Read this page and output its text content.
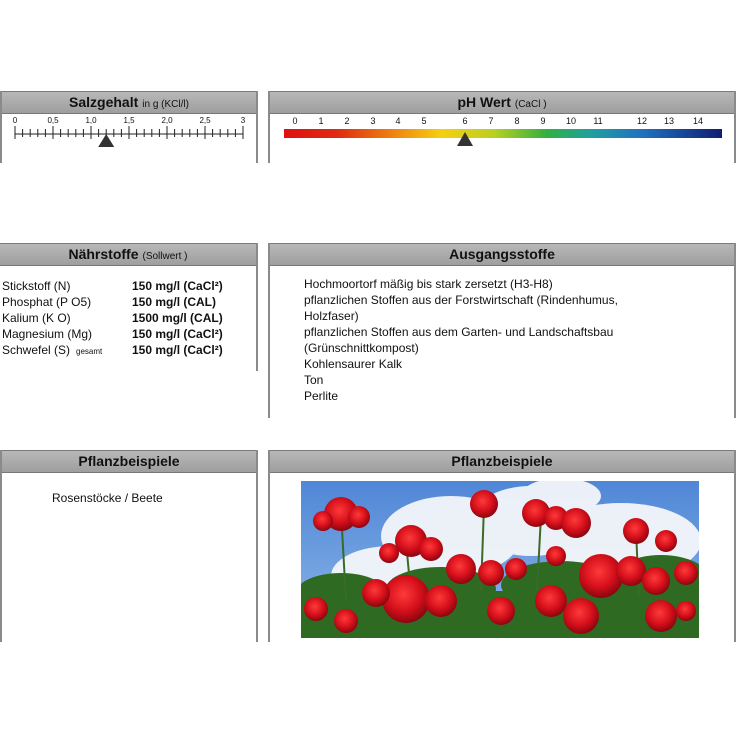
Salzgehalt in g (KCl/l)
0	0,5	1,0	1,5	2,0	2,5	3
pH Wert (CaCl )
0 1 2 3 4 5	6 7 8 9 10 11	12 13 14
Nährstoffe (Sollwert )
Stickstoff (N)	150 mg/l (CaCl²)
Phosphat (P O5)	150 mg/l (CAL)
Kalium (K O)	1500 mg/l (CAL)
Magnesium (Mg)	150 mg/l (CaCl²)
Schwefel (S) gesamt 150 mg/l (CaCl²)
Ausgangsstoffe
Hochmoortorf mäßig bis stark zersetzt (H3-H8)
pflanzlichen Stoffen aus der Forstwirtschaft (Rindenhumus,
Holzfaser)
pflanzlichen Stoffen aus dem Garten- und Landschaftsbau
(Grünschnittkompost)
Kohlensaurer Kalk
Ton
Perlite
Pflanzbeispiele
Rosenstöcke / Beete
Pflanzbeispiele
